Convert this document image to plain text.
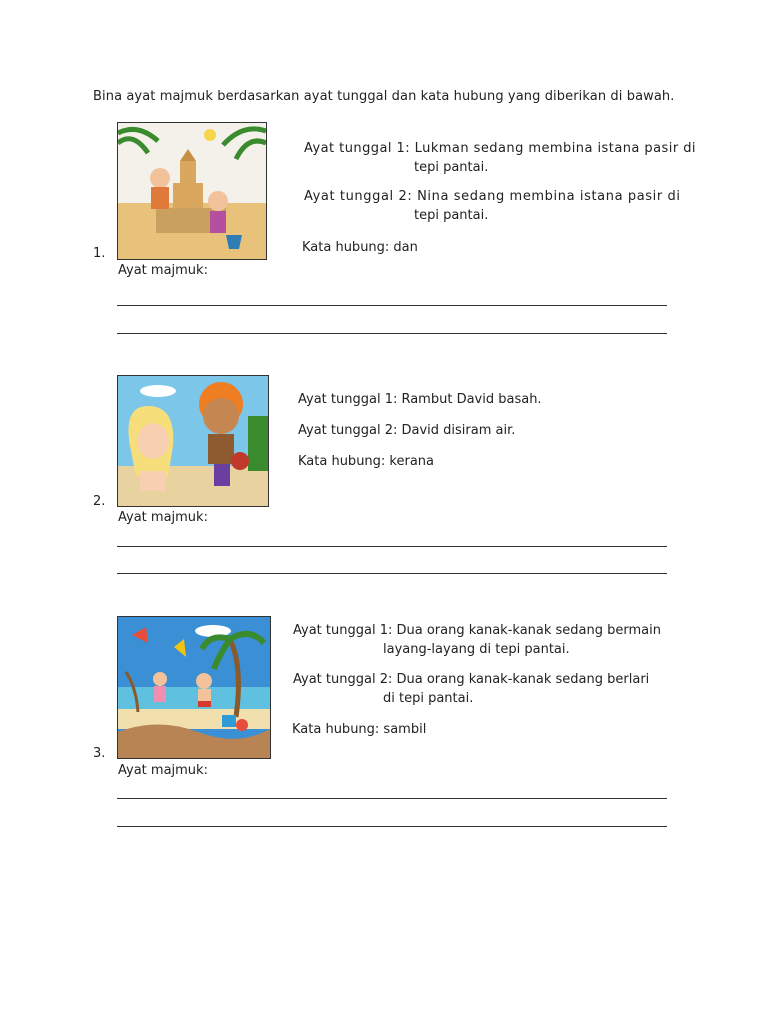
Bina ayat majmuk berdasarkan ayat tunggal dan kata hubung yang diberikan di bawah.
1.
Ayat tunggal 1: Lukman sedang membina istana pasir di
tepi pantai.
Ayat tunggal 2: Nina sedang membina istana pasir di
tepi pantai.
Kata hubung: dan
Ayat majmuk:
2.
Ayat tunggal 1: Rambut David basah.
Ayat tunggal 2: David disiram air.
Kata hubung: kerana
Ayat majmuk:
3.
Ayat tunggal 1: Dua orang kanak-kanak sedang bermain
layang-layang di tepi pantai.
Ayat tunggal 2: Dua orang kanak-kanak sedang berlari
di tepi pantai.
Kata hubung: sambil
Ayat majmuk:
